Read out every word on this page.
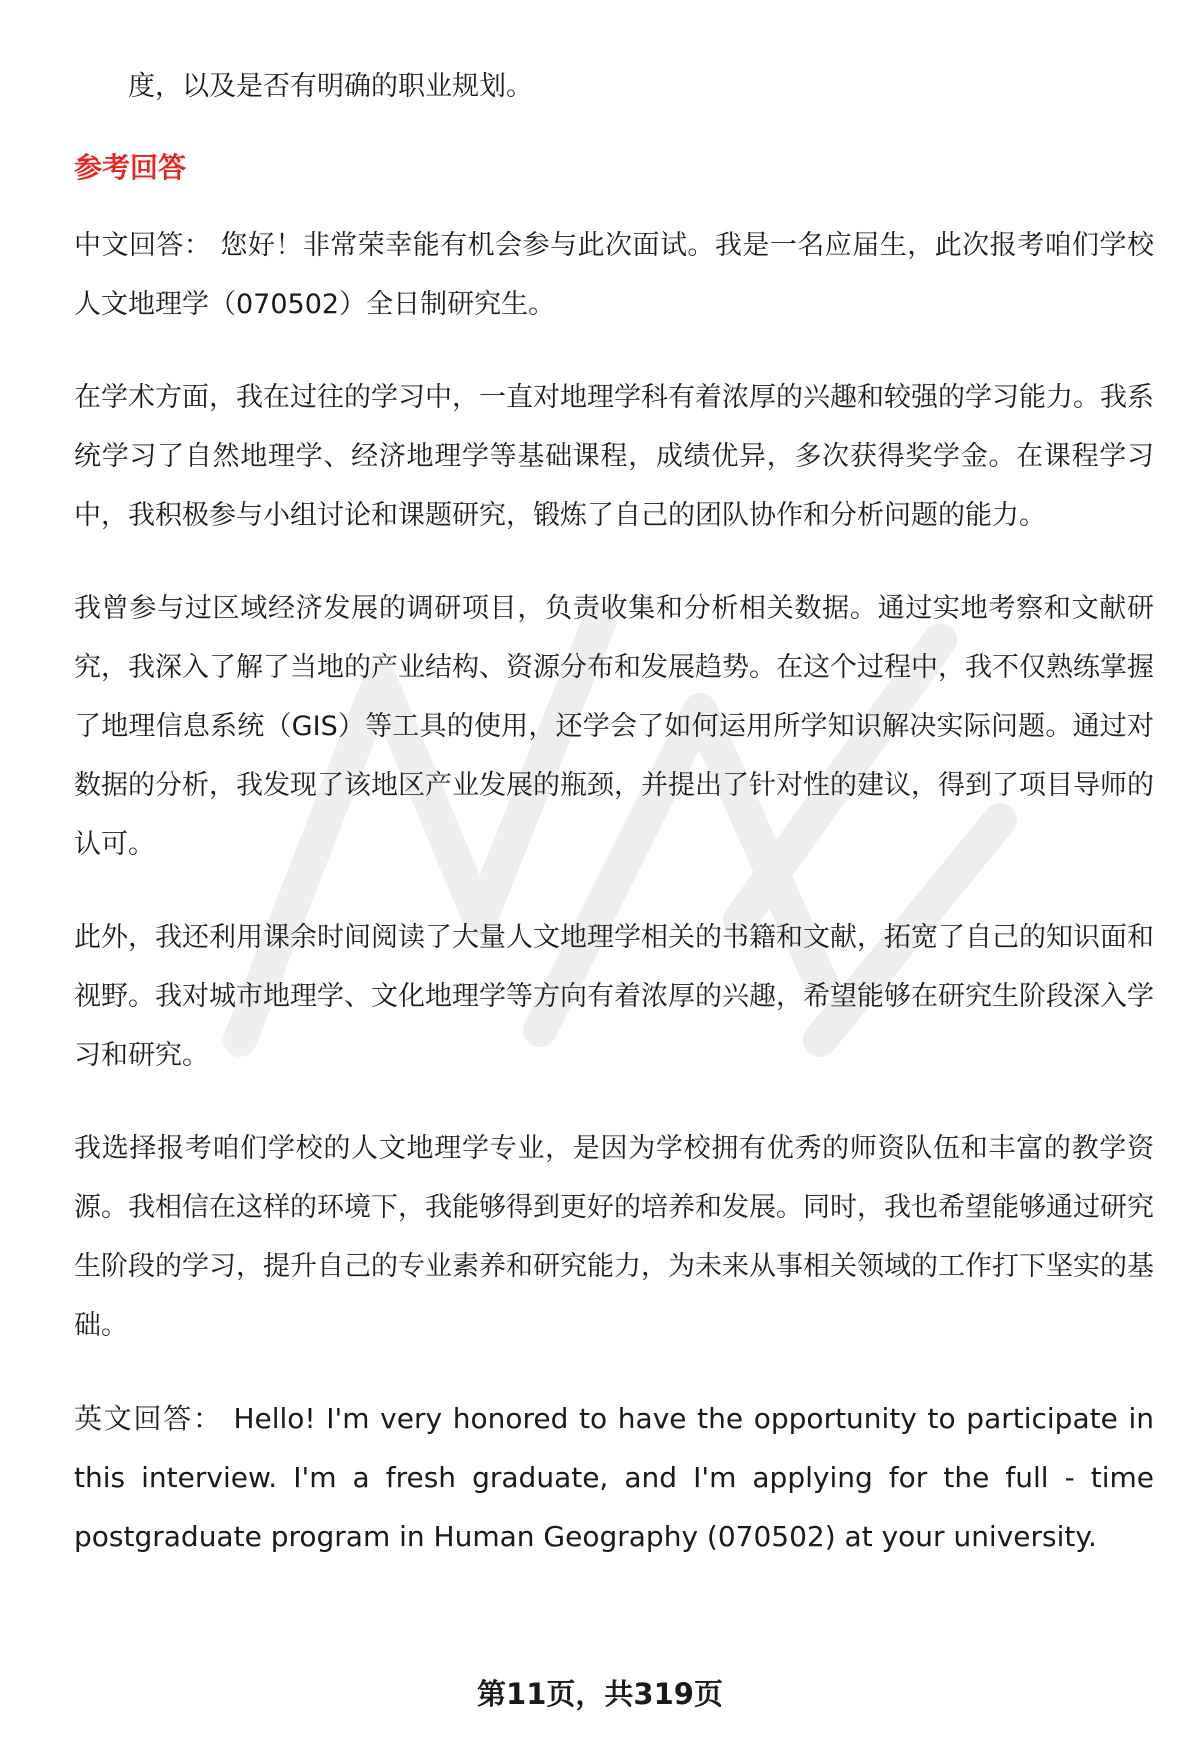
度，以及是否有明确的职业规划。

参考回答

中文回答： 您好！非常荣幸能有机会参与此次面试。我是一名应届生，此次报考咱们学校人文地理学（070502）全日制研究生。

在学术方面，我在过往的学习中，一直对地理学科有着浓厚的兴趣和较强的学习能力。我系统学习了自然地理学、经济地理学等基础课程，成绩优异，多次获得奖学金。在课程学习中，我积极参与小组讨论和课题研究，锻炼了自己的团队协作和分析问题的能力。

我曾参与过区域经济发展的调研项目，负责收集和分析相关数据。通过实地考察和文献研究，我深入了解了当地的产业结构、资源分布和发展趋势。在这个过程中，我不仅熟练掌握了地理信息系统（GIS）等工具的使用，还学会了如何运用所学知识解决实际问题。通过对数据的分析，我发现了该地区产业发展的瓶颈，并提出了针对性的建议，得到了项目导师的认可。

此外，我还利用课余时间阅读了大量人文地理学相关的书籍和文献，拓宽了自己的知识面和视野。我对城市地理学、文化地理学等方向有着浓厚的兴趣，希望能够在研究生阶段深入学习和研究。

我选择报考咱们学校的人文地理学专业，是因为学校拥有优秀的师资队伍和丰富的教学资源。我相信在这样的环境下，我能够得到更好的培养和发展。同时，我也希望能够通过研究生阶段的学习，提升自己的专业素养和研究能力，为未来从事相关领域的工作打下坚实的基础。

英文回答： Hello! I'm very honored to have the opportunity to participate in this interview. I'm a fresh graduate, and I'm applying for the full - time postgraduate program in Human Geography (070502) at your university.

第11页，共319页
